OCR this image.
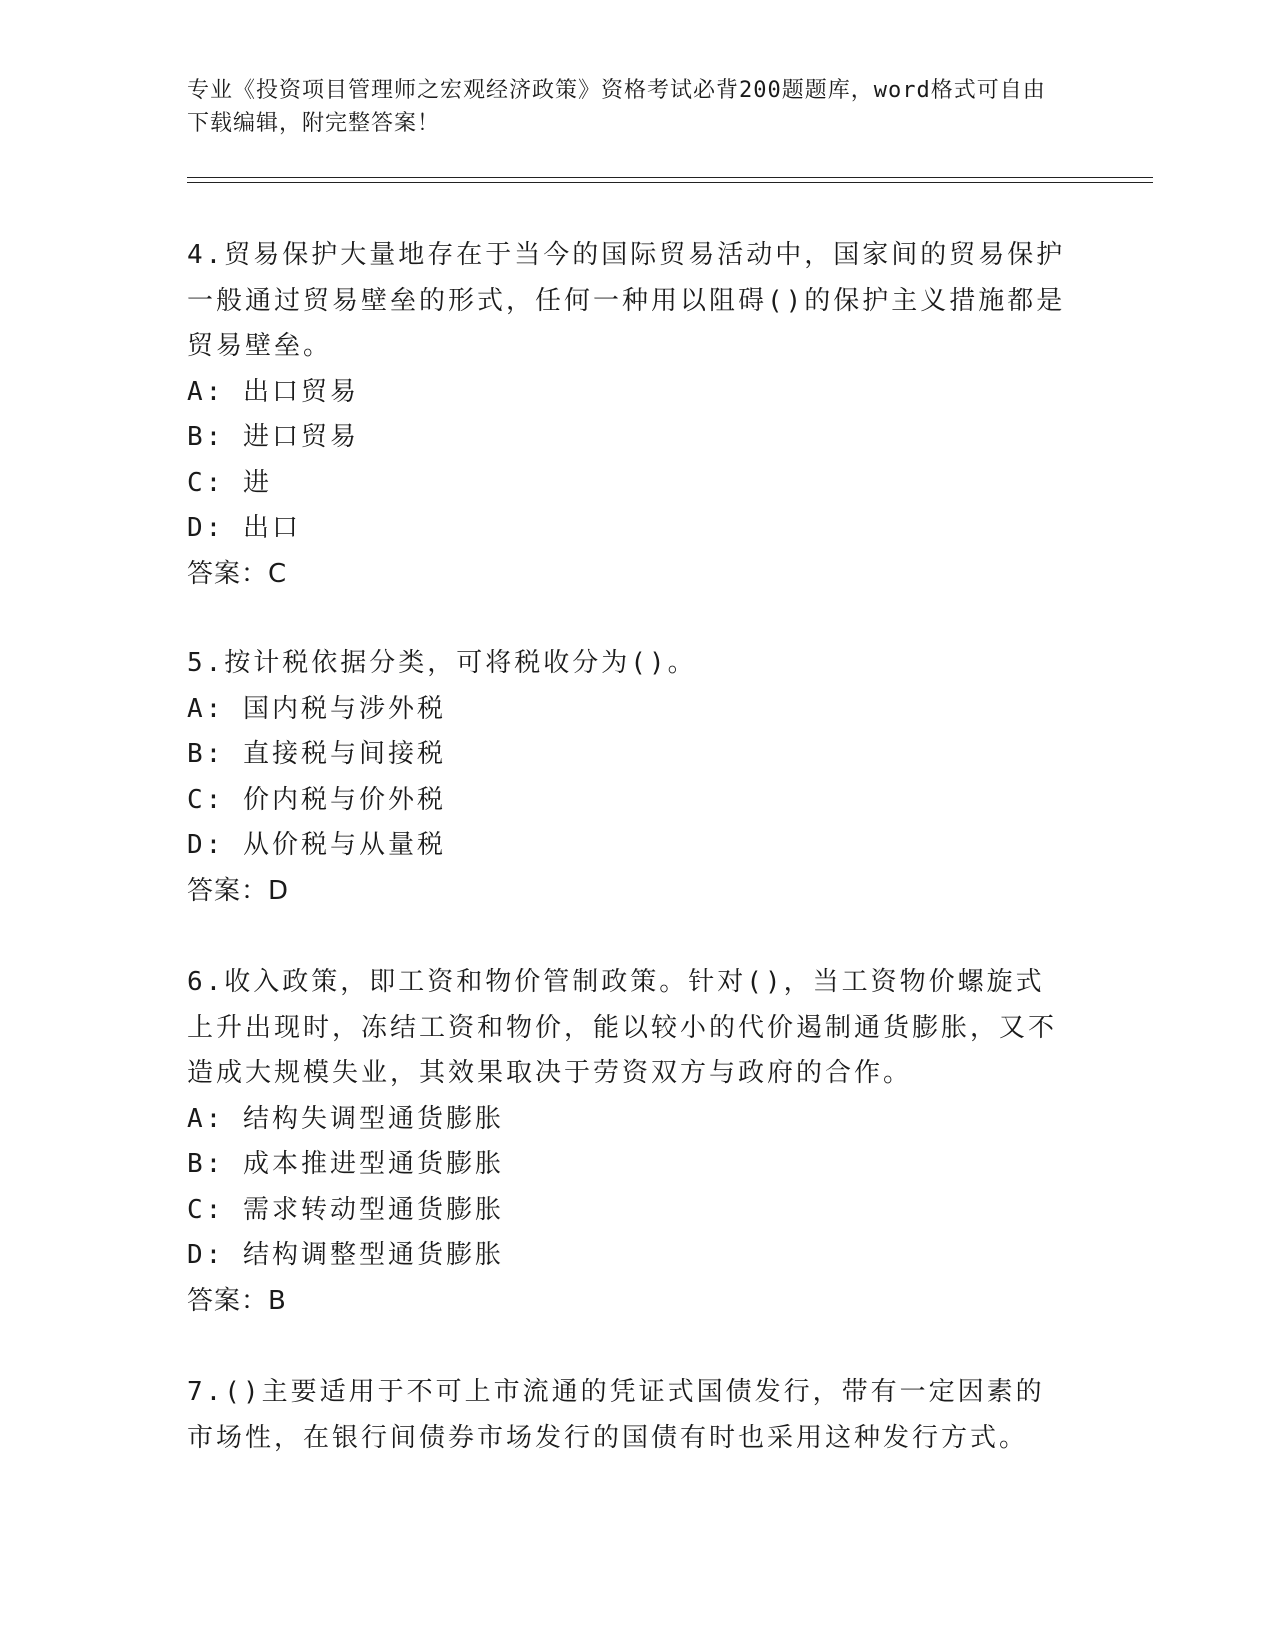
专业《投资项目管理师之宏观经济政策》资格考试必背200题题库，word格式可自由下载编辑，附完整答案！

4.贸易保护大量地存在于当今的国际贸易活动中，国家间的贸易保护一般通过贸易壁垒的形式，任何一种用以阻碍()的保护主义措施都是贸易壁垒。

A: 出口贸易

B: 进口贸易

C: 进

D: 出口

答案：C

5.按计税依据分类，可将税收分为()。

A: 国内税与涉外税

B: 直接税与间接税

C: 价内税与价外税

D: 从价税与从量税

答案：D

6.收入政策，即工资和物价管制政策。针对()，当工资物价螺旋式上升出现时，冻结工资和物价，能以较小的代价遏制通货膨胀，又不造成大规模失业，其效果取决于劳资双方与政府的合作。

A: 结构失调型通货膨胀

B: 成本推进型通货膨胀

C: 需求转动型通货膨胀

D: 结构调整型通货膨胀

答案：B

7.()主要适用于不可上市流通的凭证式国债发行，带有一定因素的市场性，在银行间债券市场发行的国债有时也采用这种发行方式。
